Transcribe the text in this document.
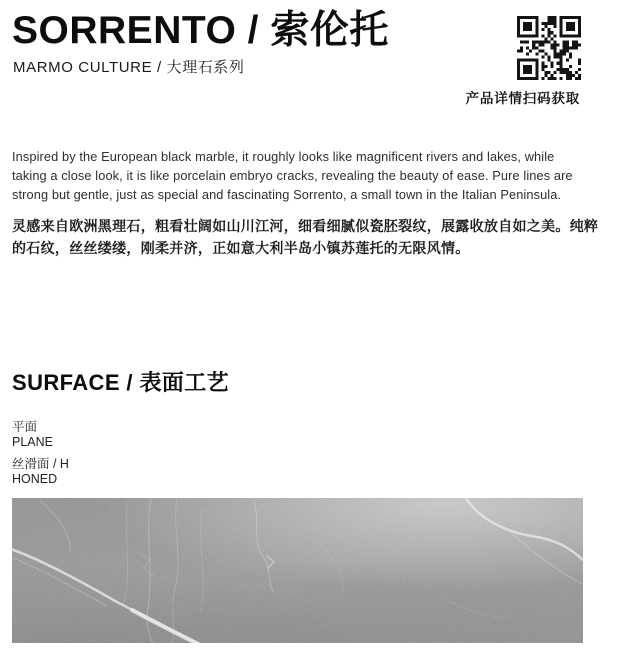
SORRENTO / 索伦托
MARMO CULTURE / 大理石系列
产品详情扫码获取
Inspired by the European black marble, it roughly looks like magnificent rivers and lakes, while taking a close look, it is like porcelain embryo cracks, revealing the beauty of ease. Pure lines are strong but gentle, just as special and fascinating Sorrento, a small town in the Italian Peninsula.
灵感来自欧洲黑理石，粗看壮阔如山川江河，细看细腻似瓷胚裂纹，展露收放自如之美。纯粹的石纹，丝丝缕缕，刚柔并济，正如意大利半岛小镇苏莲托的无限风情。
SURFACE / 表面工艺
平面
PLANE
丝滑面 / H
HONED
